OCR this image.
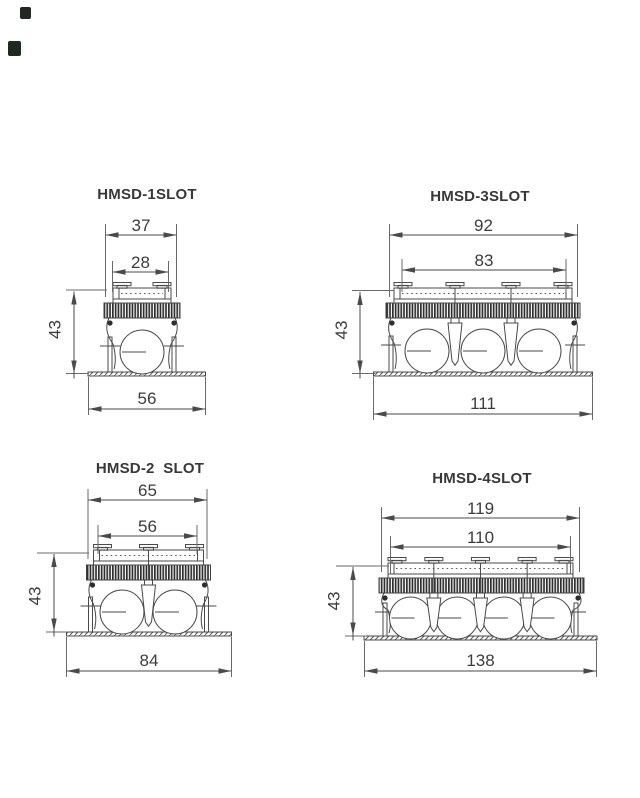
37
28
56
43
92
83
111
43
65
56
84
43
119
110
138
43
HMSD-1SLOT	HMSD-3SLOT
HMSD-2  SLOT
HMSD-4SLOT
